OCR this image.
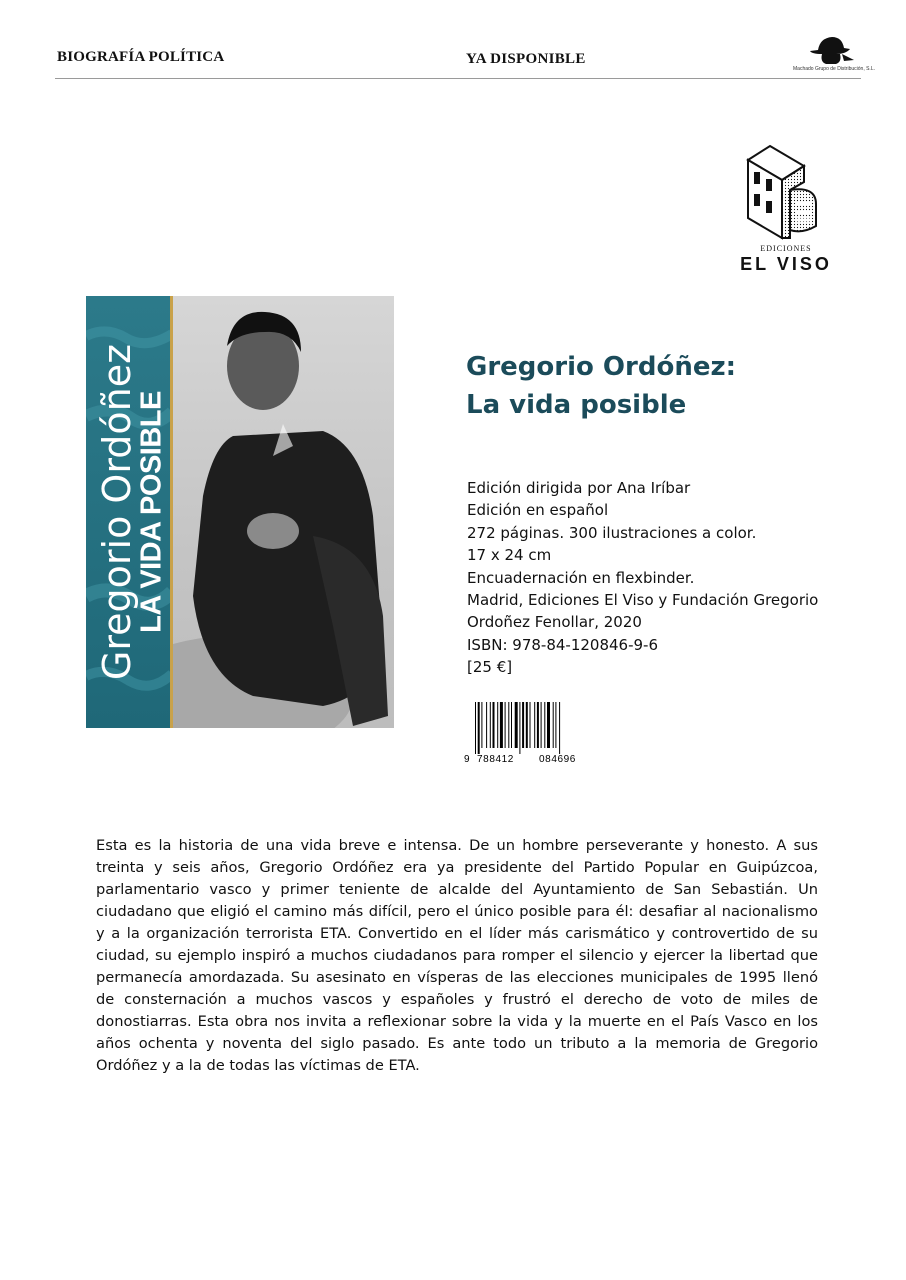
BIOGRAFÍA POLÍTICA	YA DISPONIBLE
Machado Grupo de Distribución, S.L.
EDICIONES
EL VISO
Gregorio Ordóñez
LA VIDA POSIBLE
Gregorio Ordóñez:
La vida posible
Edición dirigida por Ana Iríbar
Edición en español
272 páginas. 300 ilustraciones a color.
17 x 24 cm
Encuadernación en flexbinder.
Madrid, Ediciones El Viso y Fundación Gregorio
Ordoñez Fenollar, 2020
ISBN: 978-84-120846-9-6
[25 €]
9 788412	084696
Esta es la historia de una vida breve e intensa. De un hombre perseverante y honesto. A sus treinta y seis años, Gregorio Ordóñez era ya presidente del Partido Popular en Guipúzcoa, parlamentario vasco y primer teniente de alcalde del Ayuntamiento de San Sebastián. Un ciudadano que eligió el camino más difícil, pero el único posible para él: desafiar al nacionalismo y a la organización terrorista ETA. Convertido en el líder más carismático y controvertido de su ciudad, su ejemplo inspiró a muchos ciudadanos para romper el silencio y ejercer la libertad que permanecía amordazada. Su asesinato en vísperas de las elecciones municipales de 1995 llenó de consternación a muchos vascos y españoles y frustró el derecho de voto de miles de donostiarras. Esta obra nos invita a reflexionar sobre la vida y la muerte en el País Vasco en los años ochenta y noventa del siglo pasado. Es ante todo un tributo a la memoria de Gregorio Ordóñez y a la de todas las víctimas de ETA.
